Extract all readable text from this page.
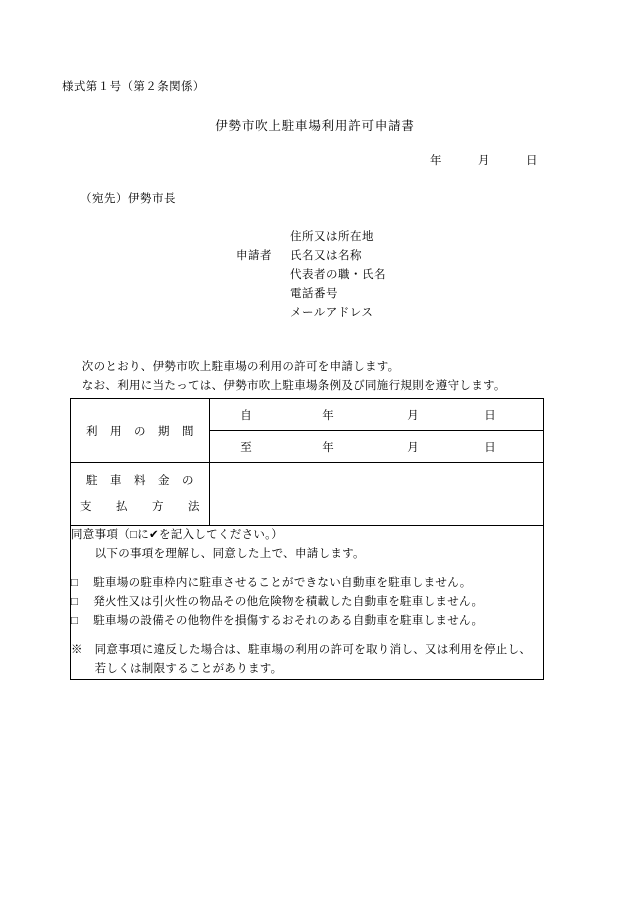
様式第１号（第２条関係）
伊勢市吹上駐車場利用許可申請書
年　　　月　　　日
（宛先）伊勢市長
住所又は所在地
申請者	氏名又は名称
代表者の職・氏名
電話番号
メールアドレス
　次のとおり、伊勢市吹上駐車場の利用の許可を申請します。
　なお、利用に当たっては、伊勢市吹上駐車場条例及び同施行規則を遵守します。
利　用　の　期　間	自 年 月 日

	至 年 月 日

駐　車　料　金　の
支　　払　　方　　法	

同意事項（□に✔を記入してください。）
　　以下の事項を理解し、同意した上で、申請します。
□　 駐車場の駐車枠内に駐車させることができない自動車を駐車しません。
□　 発火性又は引火性の物品その他危険物を積載した自動車を駐車しません。
□　 駐車場の設備その他物件を損傷するおそれのある自動車を駐車しません。
※　同意事項に違反した場合は、駐車場の利用の許可を取り消し、又は利用を停止し、
　　若しくは制限することがあります。
